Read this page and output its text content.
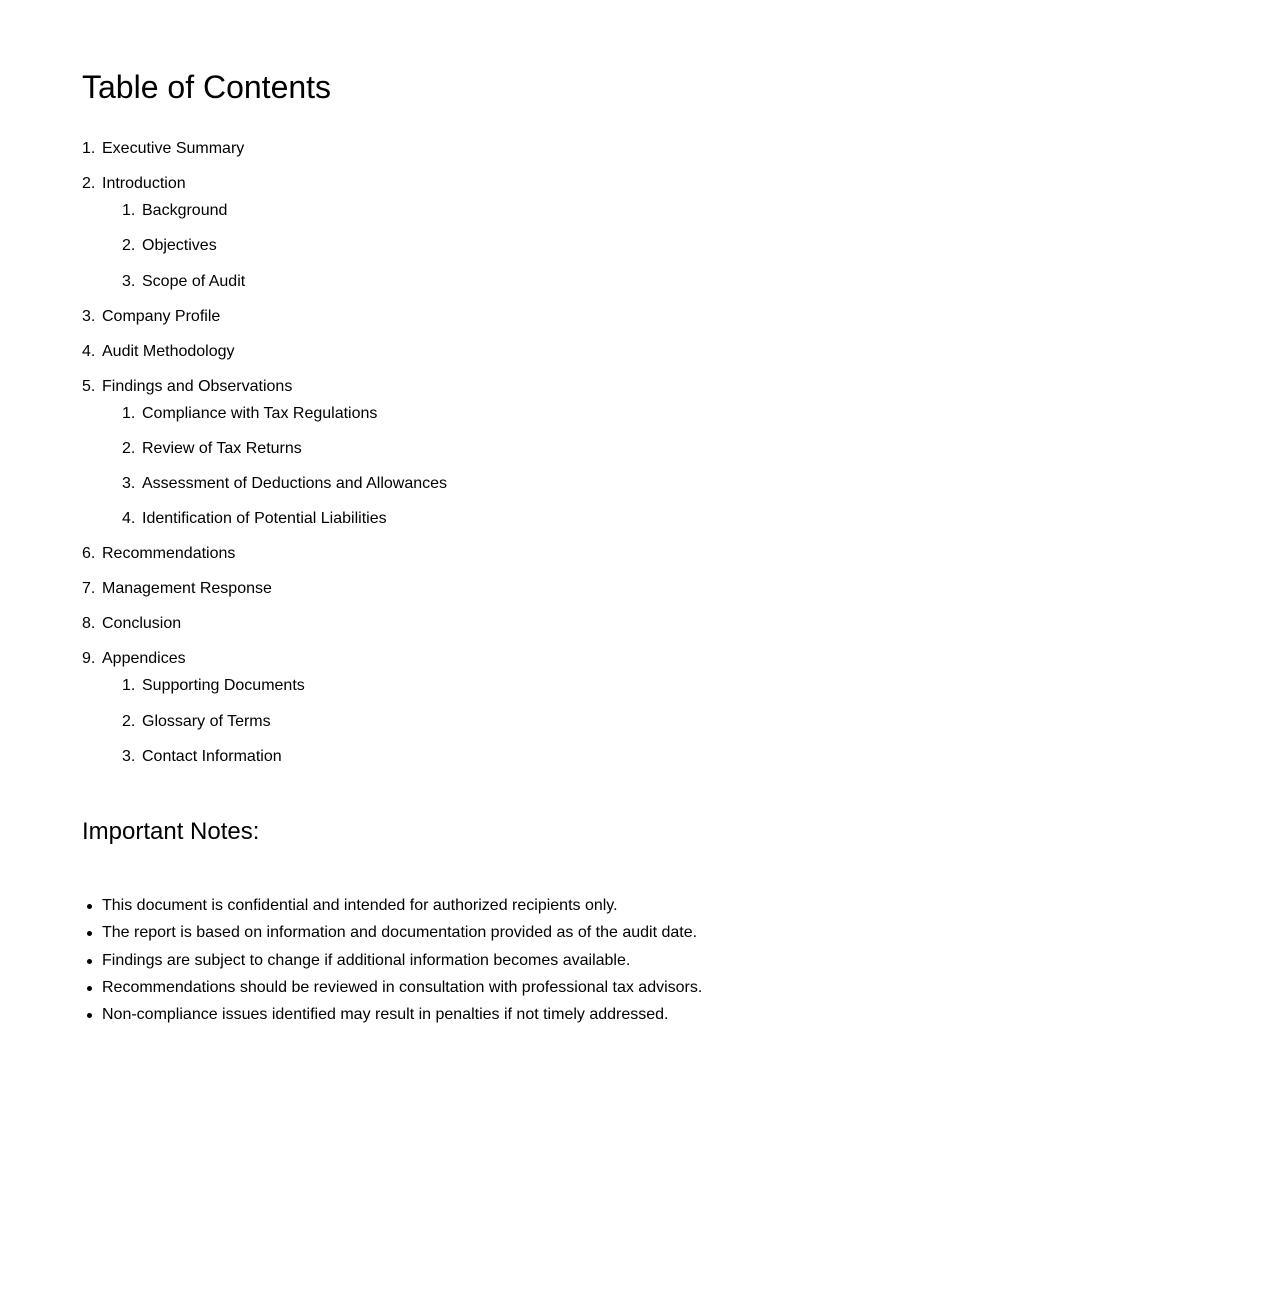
Table of Contents
1. Executive Summary
2. Introduction
1. Background
2. Objectives
3. Scope of Audit
3. Company Profile
4. Audit Methodology
5. Findings and Observations
1. Compliance with Tax Regulations
2. Review of Tax Returns
3. Assessment of Deductions and Allowances
4. Identification of Potential Liabilities
6. Recommendations
7. Management Response
8. Conclusion
9. Appendices
1. Supporting Documents
2. Glossary of Terms
3. Contact Information
Important Notes:
This document is confidential and intended for authorized recipients only.
The report is based on information and documentation provided as of the audit date.
Findings are subject to change if additional information becomes available.
Recommendations should be reviewed in consultation with professional tax advisors.
Non-compliance issues identified may result in penalties if not timely addressed.
